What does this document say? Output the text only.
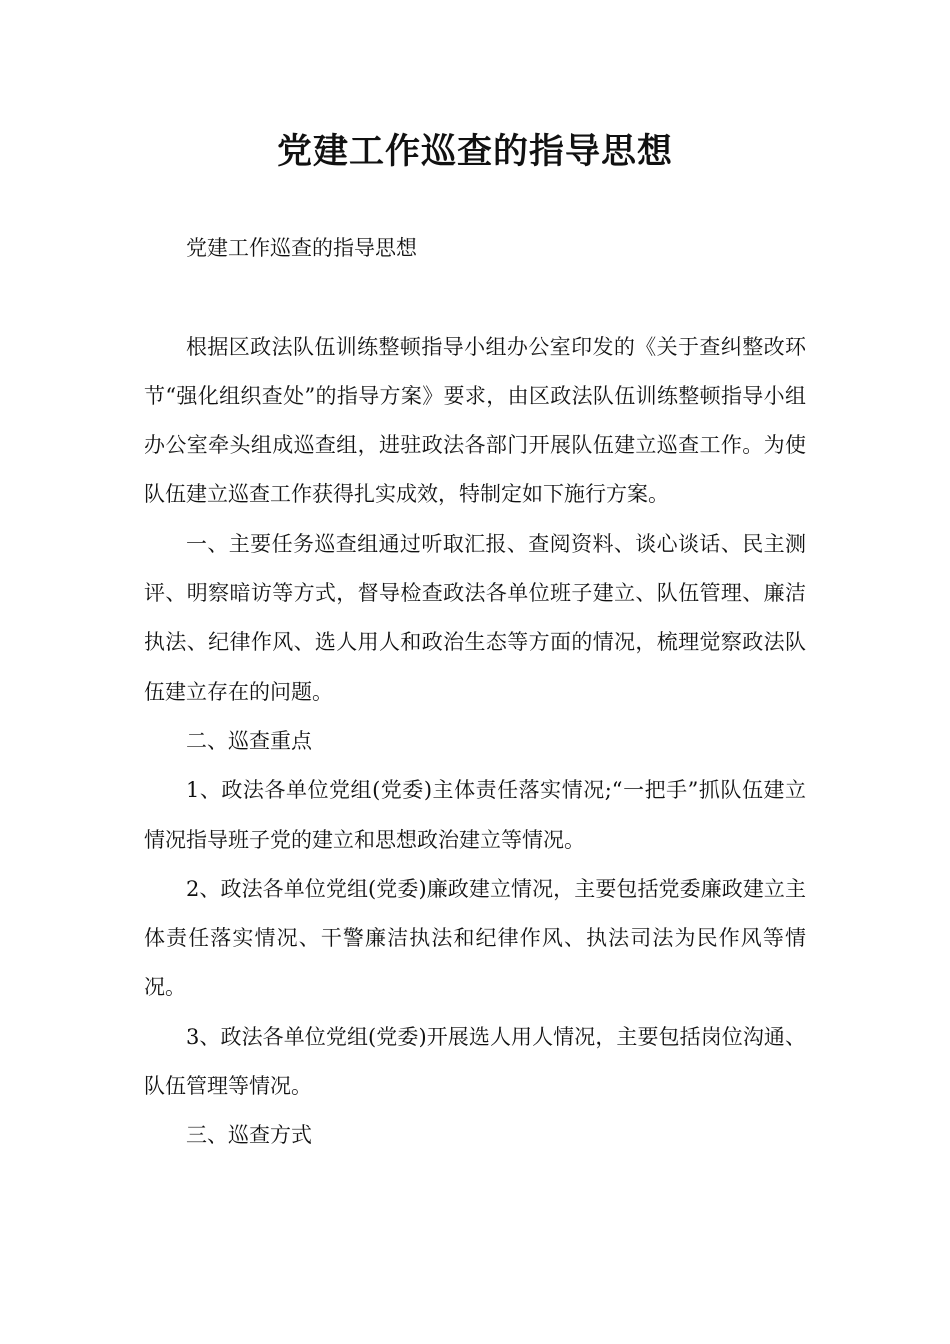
党建工作巡查的指导思想

党建工作巡查的指导思想

根据区政法队伍训练整顿指导小组办公室印发的《关于查纠整改环节“强化组织查处”的指导方案》要求，由区政法队伍训练整顿指导小组办公室牵头组成巡查组，进驻政法各部门开展队伍建立巡查工作。为使队伍建立巡查工作获得扎实成效，特制定如下施行方案。

一、主要任务巡查组通过听取汇报、查阅资料、谈心谈话、民主测评、明察暗访等方式，督导检查政法各单位班子建立、队伍管理、廉洁执法、纪律作风、选人用人和政治生态等方面的情况，梳理觉察政法队伍建立存在的问题。

二、巡查重点

1、政法各单位党组(党委)主体责任落实情况;“一把手”抓队伍建立情况指导班子党的建立和思想政治建立等情况。

2、政法各单位党组(党委)廉政建立情况，主要包括党委廉政建立主体责任落实情况、干警廉洁执法和纪律作风、执法司法为民作风等情况。

3、政法各单位党组(党委)开展选人用人情况，主要包括岗位沟通、队伍管理等情况。

三、巡查方式
